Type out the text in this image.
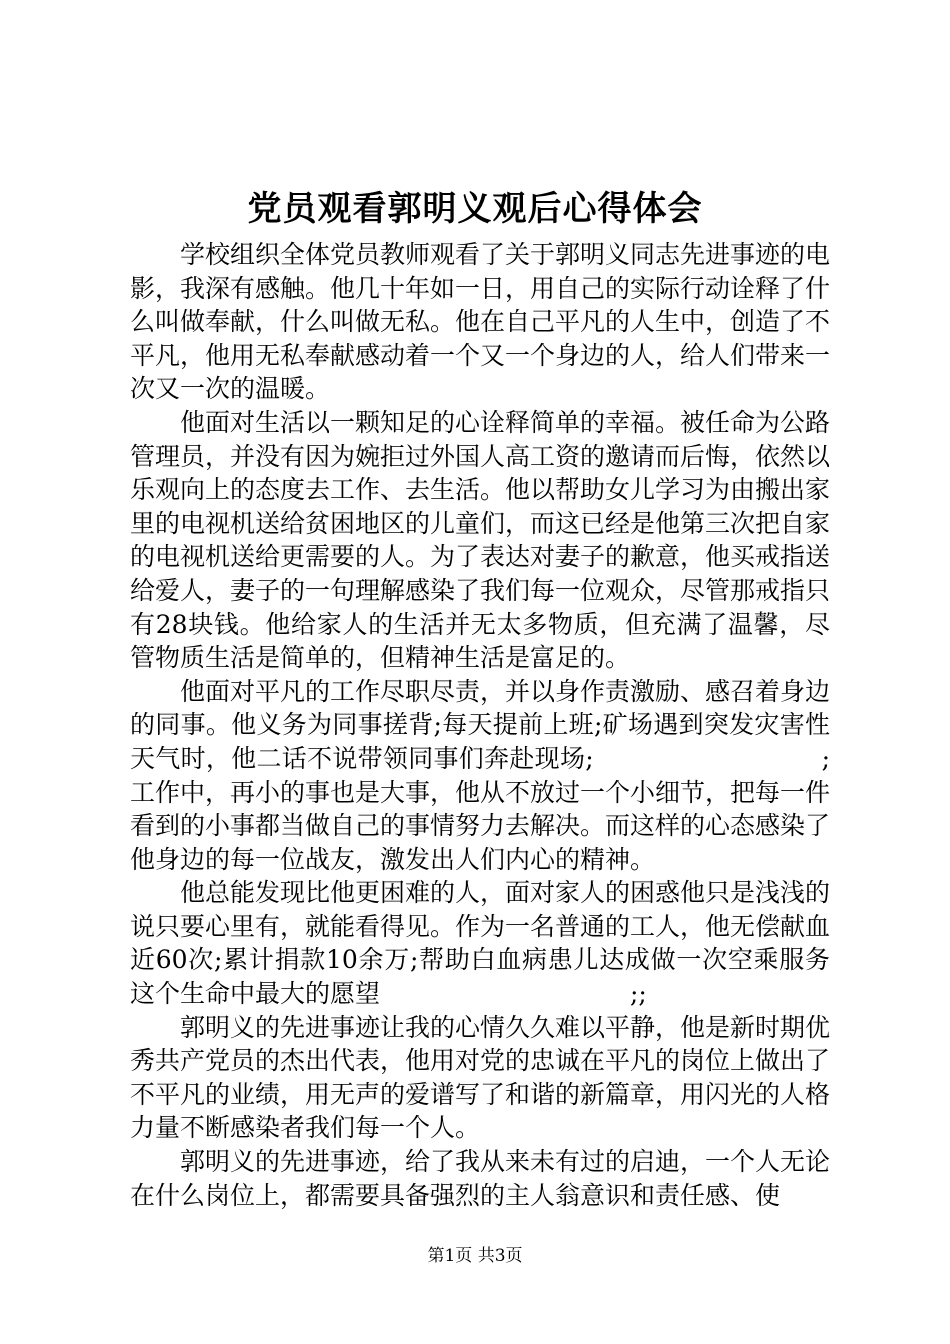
党员观看郭明义观后心得体会

学校组织全体党员教师观看了关于郭明义同志先进事迹的电影，我深有感触。他几十年如一日，用自己的实际行动诠释了什么叫做奉献，什么叫做无私。他在自己平凡的人生中，创造了不平凡，他用无私奉献感动着一个又一个身边的人，给人们带来一次又一次的温暖。

他面对生活以一颗知足的心诠释简单的幸福。被任命为公路管理员，并没有因为婉拒过外国人高工资的邀请而后悔，依然以乐观向上的态度去工作、去生活。他以帮助女儿学习为由搬出家里的电视机送给贫困地区的儿童们，而这已经是他第三次把自家的电视机送给更需要的人。为了表达对妻子的歉意，他买戒指送给爱人，妻子的一句理解感染了我们每一位观众，尽管那戒指只有28块钱。他给家人的生活并无太多物质，但充满了温馨，尽管物质生活是简单的，但精神生活是富足的。

他面对平凡的工作尽职尽责，并以身作责激励、感召着身边的同事。他义务为同事搓背;每天提前上班;矿场遇到突发灾害性天气时，他二话不说带领同事们奔赴现场;　　　　　　　　　;工作中，再小的事也是大事，他从不放过一个小细节，把每一件看到的小事都当做自己的事情努力去解决。而这样的心态感染了他身边的每一位战友，激发出人们内心的精神。

他总能发现比他更困难的人，面对家人的困惑他只是浅浅的说只要心里有，就能看得见。作为一名普通的工人，他无偿献血近60次;累计捐款10余万;帮助白血病患儿达成做一次空乘服务这个生命中最大的愿望　　　　　　　　　　;;

郭明义的先进事迹让我的心情久久难以平静，他是新时期优秀共产党员的杰出代表，他用对党的忠诚在平凡的岗位上做出了不平凡的业绩，用无声的爱谱写了和谐的新篇章，用闪光的人格力量不断感染者我们每一个人。

郭明义的先进事迹，给了我从来未有过的启迪，一个人无论在什么岗位上，都需要具备强烈的主人翁意识和责任感、使

第1页 共3页
